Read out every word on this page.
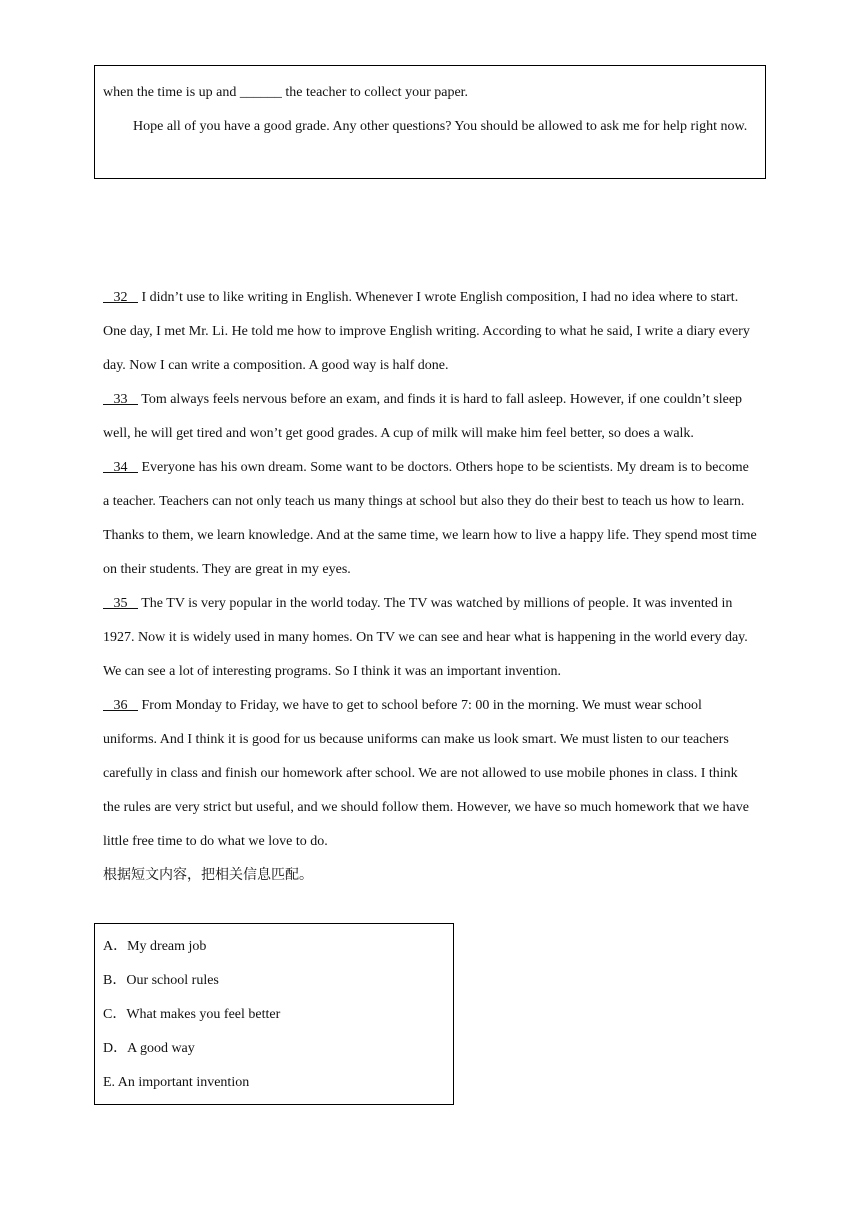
when the time is up and ______ the teacher to collect your paper.

Hope all of you have a good grade. Any other questions? You should be allowed to ask me for help right now.

32 I didn’t use to like writing in English. Whenever I wrote English composition, I had no idea where to start. One day, I met Mr. Li. He told me how to improve English writing. According to what he said, I write a diary every day. Now I can write a composition. A good way is half done.

33 Tom always feels nervous before an exam, and finds it is hard to fall asleep. However, if one couldn’t sleep well, he will get tired and won’t get good grades. A cup of milk will make him feel better, so does a walk.

34 Everyone has his own dream. Some want to be doctors. Others hope to be scientists. My dream is to become a teacher. Teachers can not only teach us many things at school but also they do their best to teach us how to learn. Thanks to them, we learn knowledge. And at the same time, we learn how to live a happy life. They spend most time on their students. They are great in my eyes.

35 The TV is very popular in the world today. The TV was watched by millions of people. It was invented in 1927. Now it is widely used in many homes. On TV we can see and hear what is happening in the world every day. We can see a lot of interesting programs. So I think it was an important invention.

36 From Monday to Friday, we have to get to school before 7: 00 in the morning. We must wear school uniforms. And I think it is good for us because uniforms can make us look smart. We must listen to our teachers carefully in class and finish our homework after school. We are not allowed to use mobile phones in class. I think the rules are very strict but useful, and we should follow them. However, we have so much homework that we have little free time to do what we love to do.

根据短文内容，把相关信息匹配。

A．My dream job

B．Our school rules

C．What makes you feel better

D．A good way

E. An important invention
